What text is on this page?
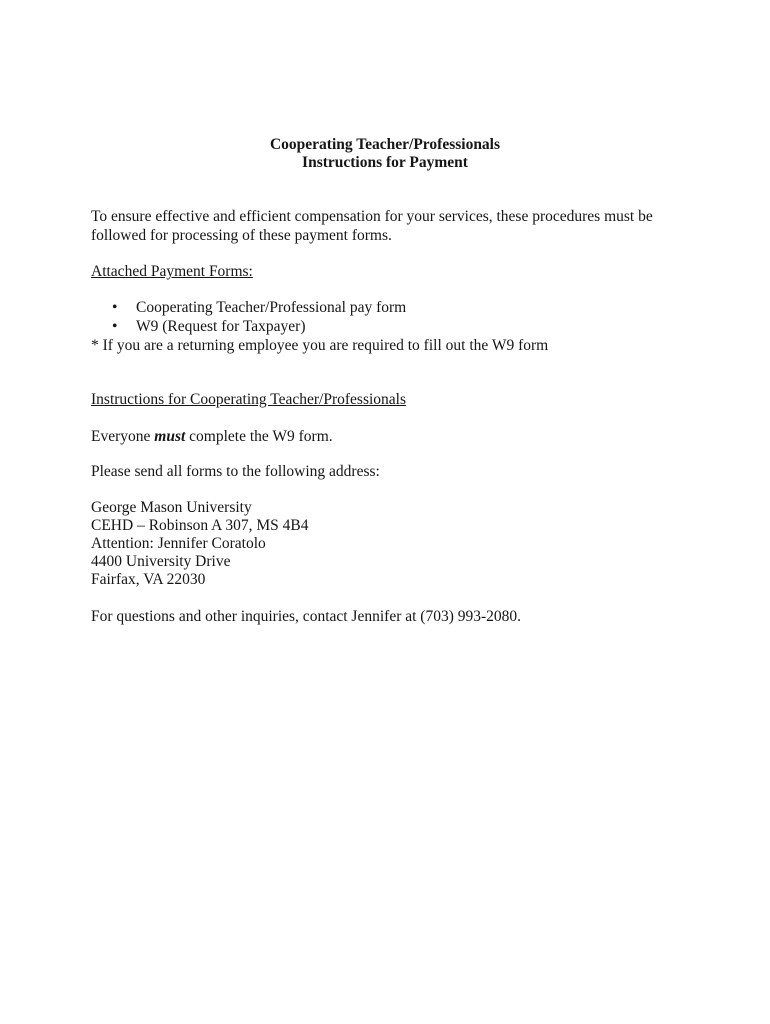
Cooperating Teacher/Professionals
Instructions for Payment
To ensure effective and efficient compensation for your services, these procedures must be
followed for processing of these payment forms.
Attached Payment Forms:
• Cooperating Teacher/Professional pay form
• W9 (Request for Taxpayer)
* If you are a returning employee you are required to fill out the W9 form
Instructions for Cooperating Teacher/Professionals
Everyone must complete the W9 form.
Please send all forms to the following address:
George Mason University
CEHD – Robinson A 307, MS 4B4
Attention: Jennifer Coratolo
4400 University Drive
Fairfax, VA 22030
For questions and other inquiries, contact Jennifer at (703) 993-2080.
